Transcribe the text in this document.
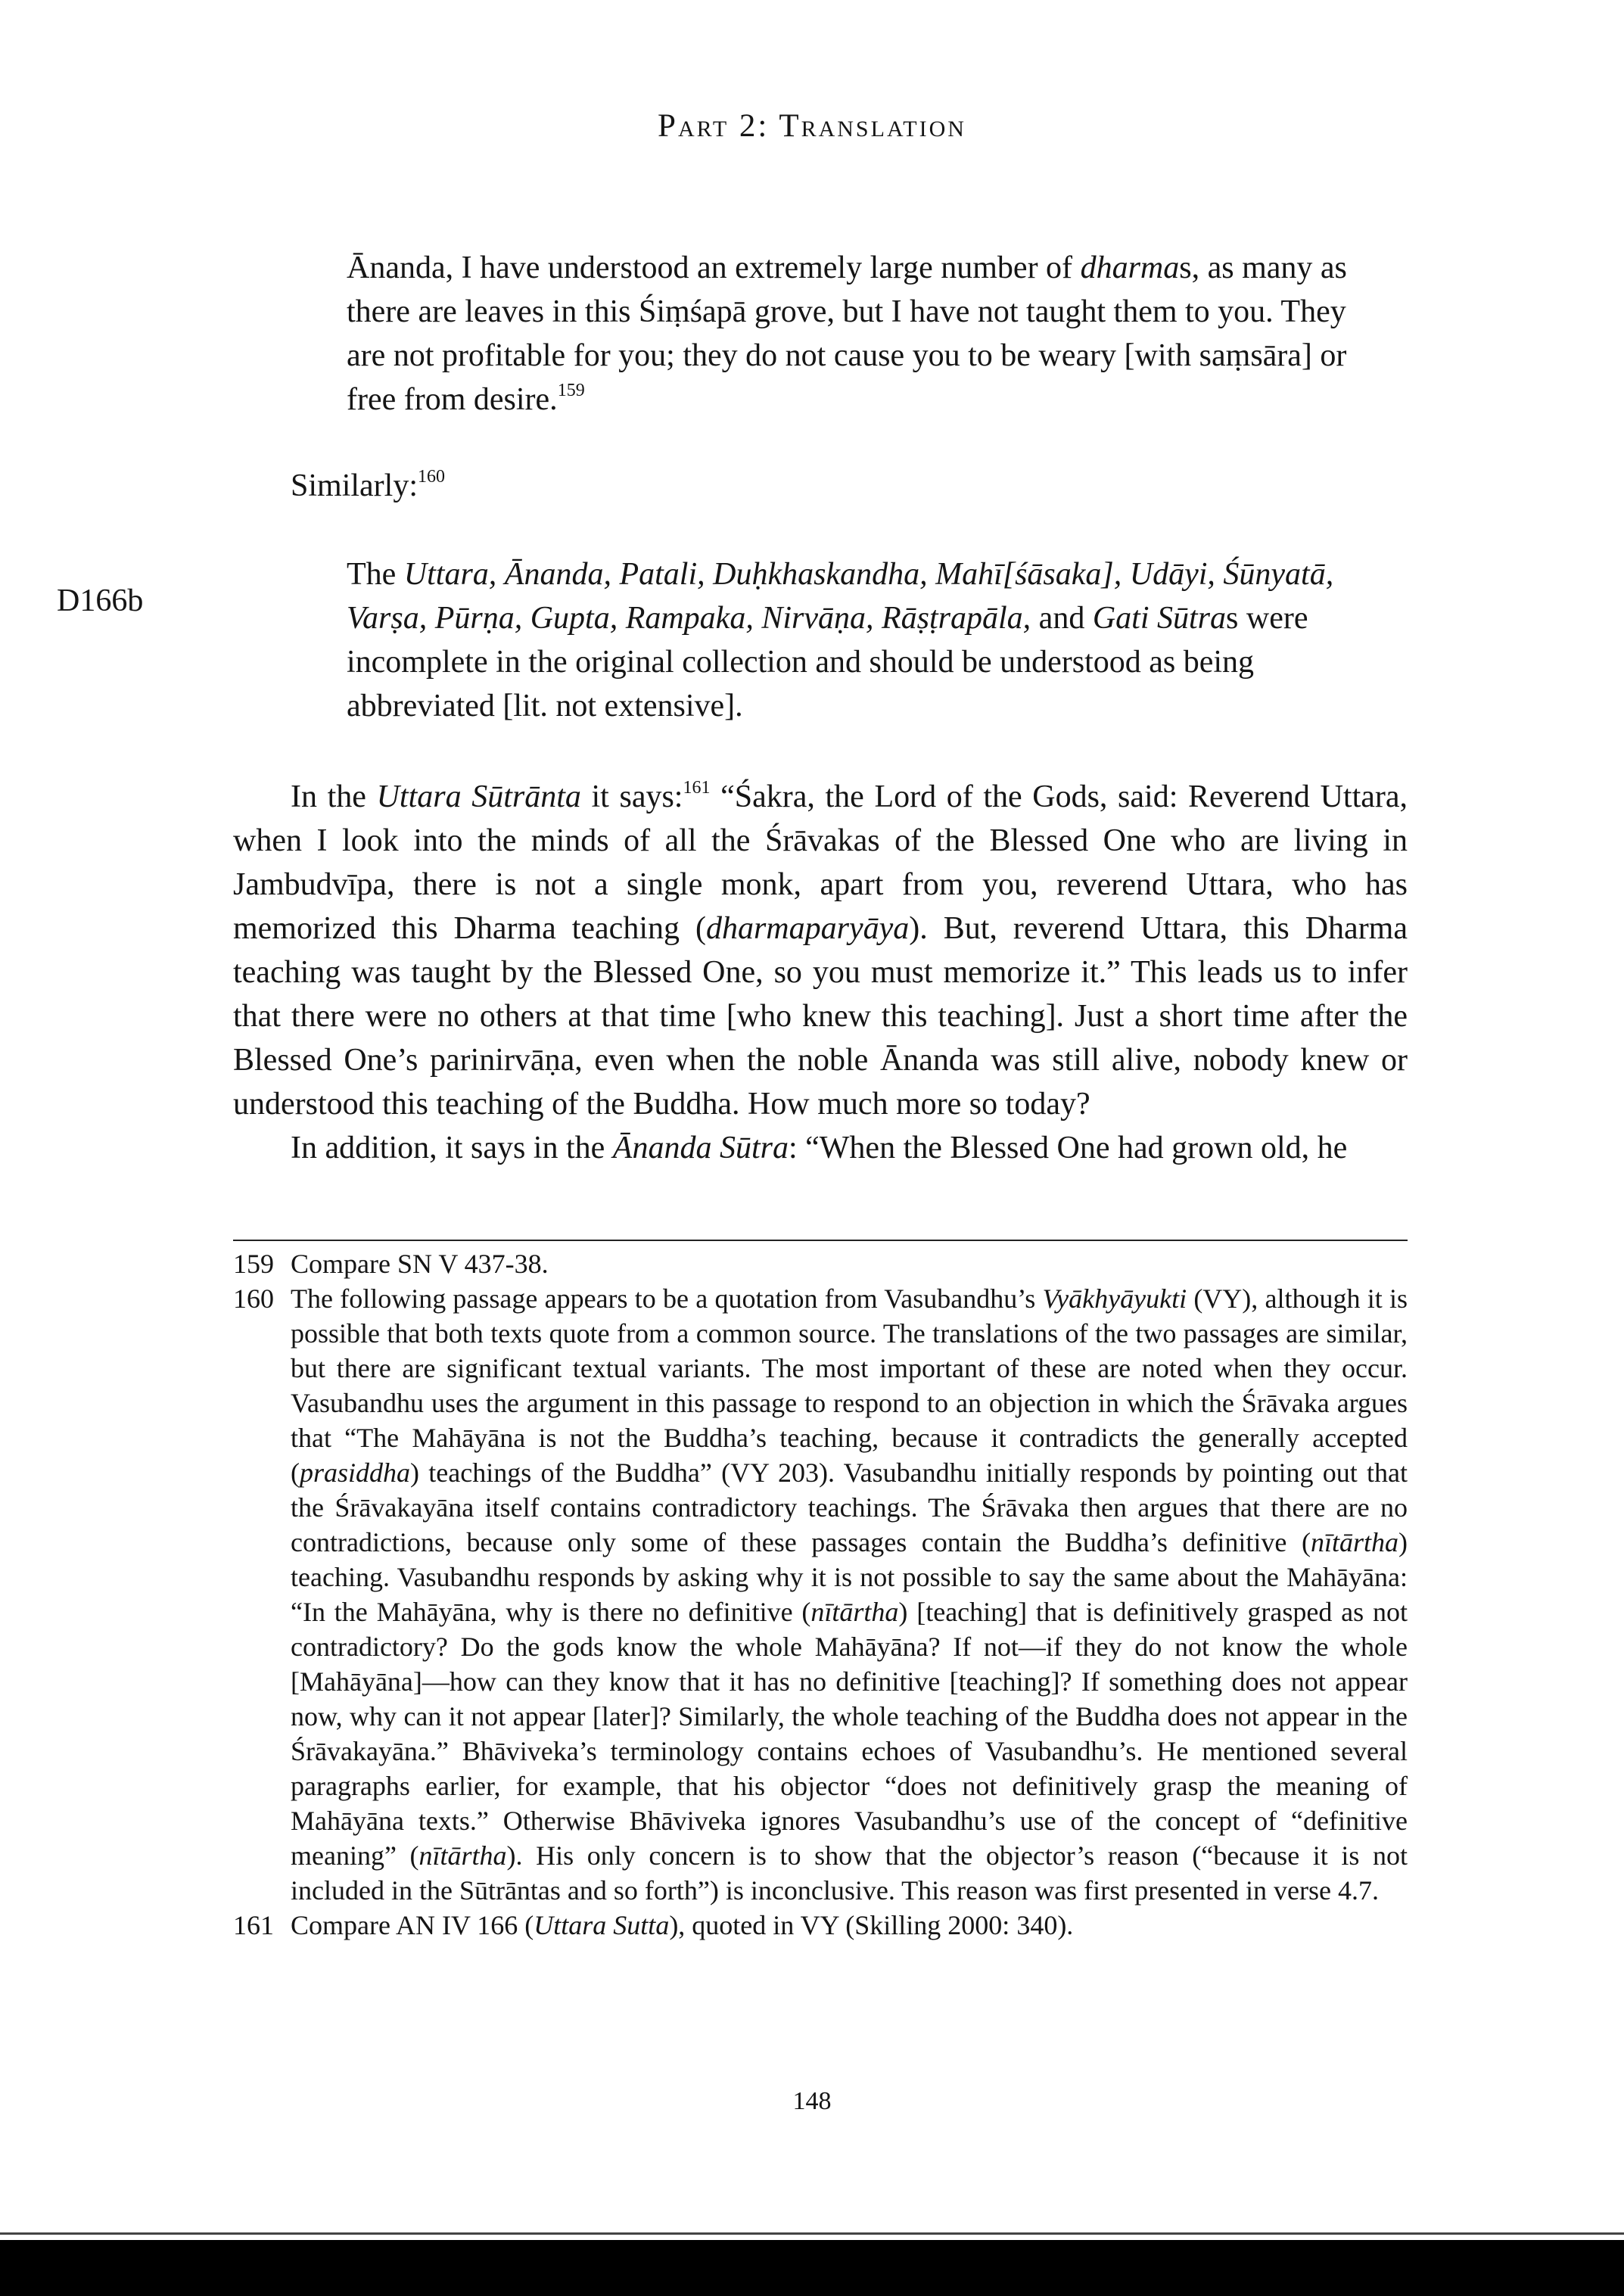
Part 2: Translation
Ānanda, I have understood an extremely large number of dharmas, as many as there are leaves in this Śiṃśapā grove, but I have not taught them to you. They are not profitable for you; they do not cause you to be weary [with saṃsāra] or free from desire.$^{159}$
Similarly:$^{160}$
D166b
The Uttara, Ānanda, Patali, Duḥkhaskandha, Mahī[śāsaka], Udāyi, Śūnyatā, Varṣa, Pūrṇa, Gupta, Rampaka, Nirvāṇa, Rāṣṭrapāla, and Gati Sūtras were incomplete in the original collection and should be understood as being abbreviated [lit. not extensive].

In the Uttara Sūtrānta it says:$^{161}$ “Śakra, the Lord of the Gods, said: Reverend Uttara, when I look into the minds of all the Śrāvakas of the Blessed One who are living in Jambudvīpa, there is not a single monk, apart from you, reverend Uttara, who has memorized this Dharma teaching (dharmaparyāya). But, reverend Uttara, this Dharma teaching was taught by the Blessed One, so you must memorize it.” This leads us to infer that there were no others at that time [who knew this teaching]. Just a short time after the Blessed One’s parinirvāṇa, even when the noble Ānanda was still alive, nobody knew or understood this teaching of the Buddha. How much more so today?

In addition, it says in the Ānanda Sūtra: “When the Blessed One had grown old, he

159 Compare SN V 437-38.
160 The following passage appears to be a quotation from Vasubandhu’s Vyākhyāyukti (VY), although it is possible that both texts quote from a common source. The translations of the two passages are similar, but there are significant textual variants. The most important of these are noted when they occur. Vasubandhu uses the argument in this passage to respond to an objection in which the Śrāvaka argues that “The Mahāyāna is not the Buddha’s teaching, because it contradicts the generally accepted (prasiddha) teachings of the Buddha” (VY 203). Vasubandhu initially responds by pointing out that the Śrāvakayāna itself contains contradictory teachings. The Śrāvaka then argues that there are no contradictions, because only some of these passages contain the Buddha’s definitive (nītārtha) teaching. Vasubandhu responds by asking why it is not possible to say the same about the Mahāyāna: “In the Mahāyāna, why is there no definitive (nītārtha) [teaching] that is definitively grasped as not contradictory? Do the gods know the whole Mahāyāna? If not—if they do not know the whole [Mahāyāna]—how can they know that it has no definitive [teaching]? If something does not appear now, why can it not appear [later]? Similarly, the whole teaching of the Buddha does not appear in the Śrāvakayāna.” Bhāviveka’s terminology contains echoes of Vasubandhu’s. He mentioned several paragraphs earlier, for example, that his objector “does not definitively grasp the meaning of Mahāyāna texts.” Otherwise Bhāviveka ignores Vasubandhu’s use of the concept of “definitive meaning” (nītārtha). His only concern is to show that the objector’s reason (“because it is not included in the Sūtrāntas and so forth”) is inconclusive. This reason was first presented in verse 4.7.
161 Compare AN IV 166 (Uttara Sutta), quoted in VY (Skilling 2000: 340).
148
